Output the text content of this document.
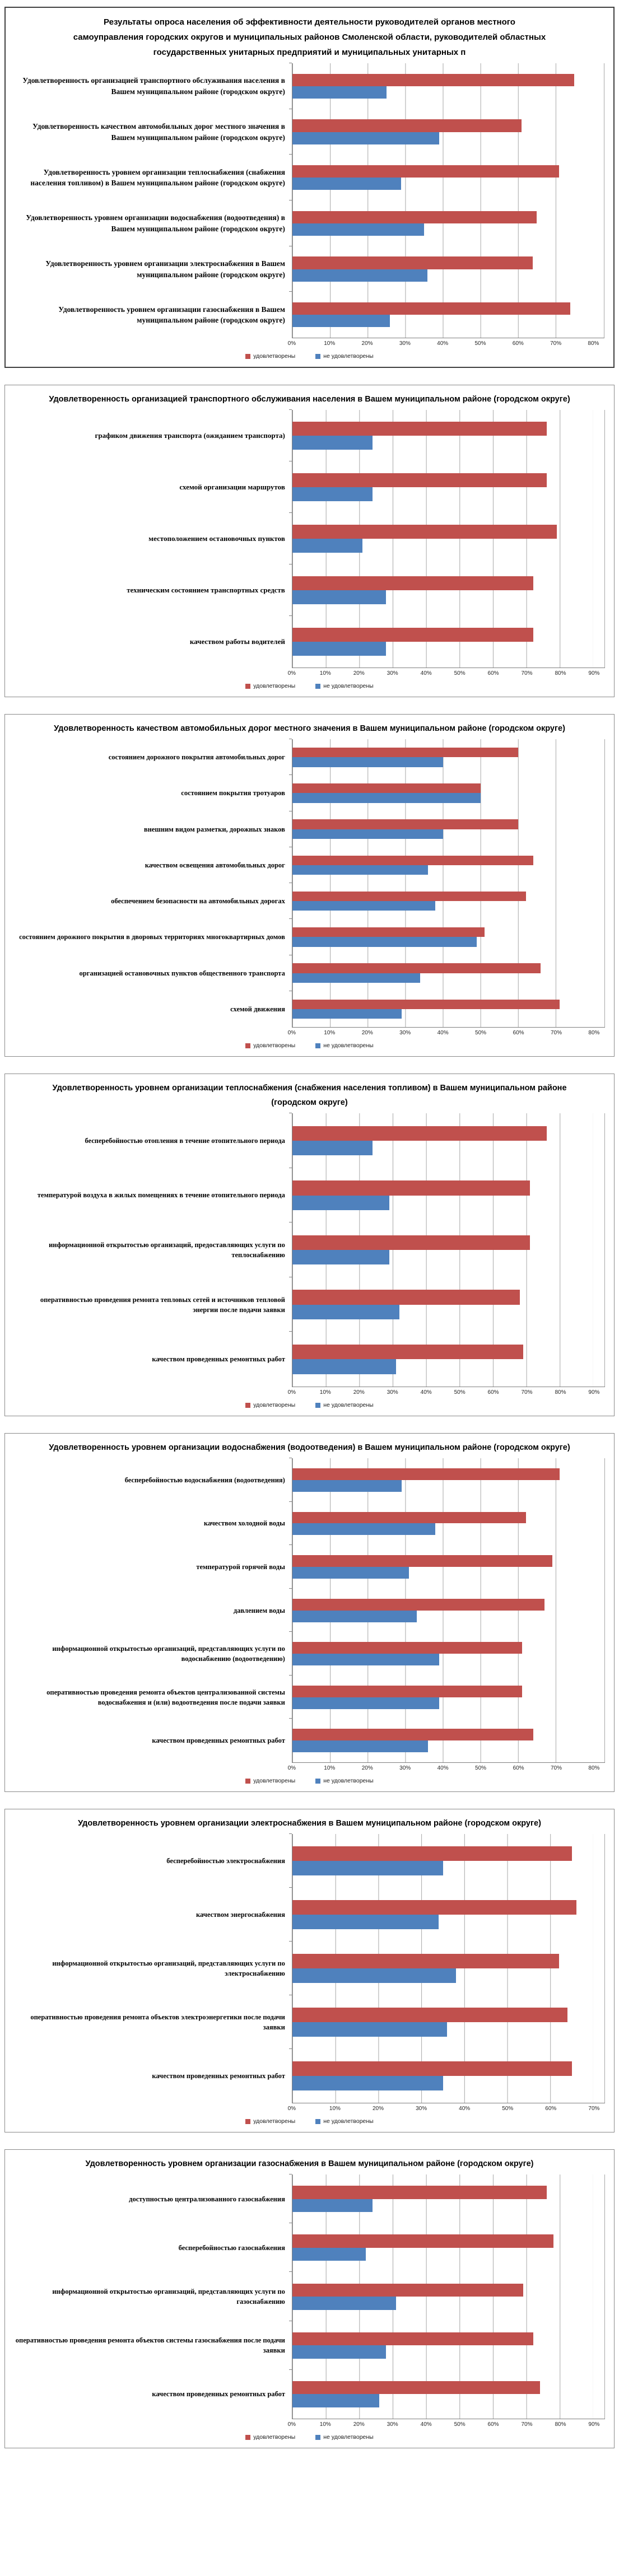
Результаты опроса населения об эффективности деятельности руководителей органов местного самоуправления городских округов и муниципальных районов Смоленской области, руководителей областных государственных унитарных предприятий и муниципальных унитарных п
Удовлетворенность организацией транспортного обслуживания населения в Вашем муниципальном районе (городском округе)
Удовлетворенность качеством автомобильных дорог местного значения в Вашем муниципальном районе (городском округе)
Удовлетворенность уровнем организации теплоснабжения (снабжения населения топливом) в Вашем муниципальном районе (городском округе)
Удовлетворенность уровнем организации водоснабжения (водоотведения) в Вашем муниципальном районе (городском округе)
Удовлетворенность уровнем организации электроснабжения в Вашем муниципальном районе (городском округе)
Удовлетворенность уровнем организации газоснабжения в Вашем муниципальном районе (городском округе)
0%	10%	20%	30%	40%	50%	60%	70%	80%
удовлетворены	не удовлетворены
Удовлетворенность организацией транспортного обслуживания населения в Вашем муниципальном районе (городском округе)
графиком движения транспорта (ожиданием транспорта)
схемой организации маршрутов
местоположением остановочных пунктов
техническим состоянием транспортных средств
качеством работы водителей
0%	10%	20%	30%	40%	50%	60%	70%	80%	90%
удовлетворены	не удовлетворены
Удовлетворенность качеством автомобильных дорог местного значения в Вашем муниципальном районе (городском округе)
состоянием дорожного покрытия автомобильных дорог
состоянием покрытия тротуаров
внешним видом разметки, дорожных знаков
качеством освещения автомобильных дорог
обеспечением безопасности на автомобильных дорогах
состоянием дорожного покрытия в дворовых территориях многоквартирных домов
организацией остановочных пунктов общественного транспорта
схемой движения
0%	10%	20%	30%	40%	50%	60%	70%	80%
удовлетворены	не удовлетворены
Удовлетворенность уровнем организации теплоснабжения (снабжения населения топливом) в Вашем муниципальном районе (городском округе)
бесперебойностью отопления в течение отопительного периода
температурой воздуха в жилых помещениях в течение отопительного периода
информационной открытостью организаций, предоставляющих услуги по теплоснабжению
оперативностью проведения ремонта тепловых сетей и источников тепловой энергии после подачи заявки
качеством проведенных ремонтных работ
0%	10%	20%	30%	40%	50%	60%	70%	80%	90%
удовлетворены	не удовлетворены
Удовлетворенность уровнем организации водоснабжения (водоотведения) в Вашем муниципальном районе (городском округе)
бесперебойностью водоснабжения (водоотведения)
качеством холодной воды
температурой горячей воды
давлением воды
информационной открытостью организаций, представляющих услуги по водоснабжению (водоотведению)
оперативностью проведения ремонта объектов централизованной системы водоснабжения и (или) водоотведения после подачи заявки
качеством проведенных ремонтных работ
0%	10%	20%	30%	40%	50%	60%	70%	80%
удовлетворены	не удовлетворены
Удовлетворенность уровнем организации электроснабжения в Вашем муниципальном районе (городском округе)
бесперебойностью электроснабжения
качеством энергоснабжения
информационной открытостью организаций, представляющих услуги по электроснабжению
оперативностью проведения ремонта объектов электроэнергетики после подачи заявки
качеством проведенных ремонтных работ
0%	10%	20%	30%	40%	50%	60%	70%
удовлетворены	не удовлетворены
Удовлетворенность уровнем организации газоснабжения в Вашем муниципальном районе (городском округе)
доступностью централизованного газоснабжения
бесперебойностью газоснабжения
информационной открытостью организаций, представляющих услуги по газоснабжению
оперативностью проведения ремонта объектов системы газоснабжения после подачи заявки
качеством проведенных ремонтных работ
0%	10%	20%	30%	40%	50%	60%	70%	80%	90%
удовлетворены	не удовлетворены
